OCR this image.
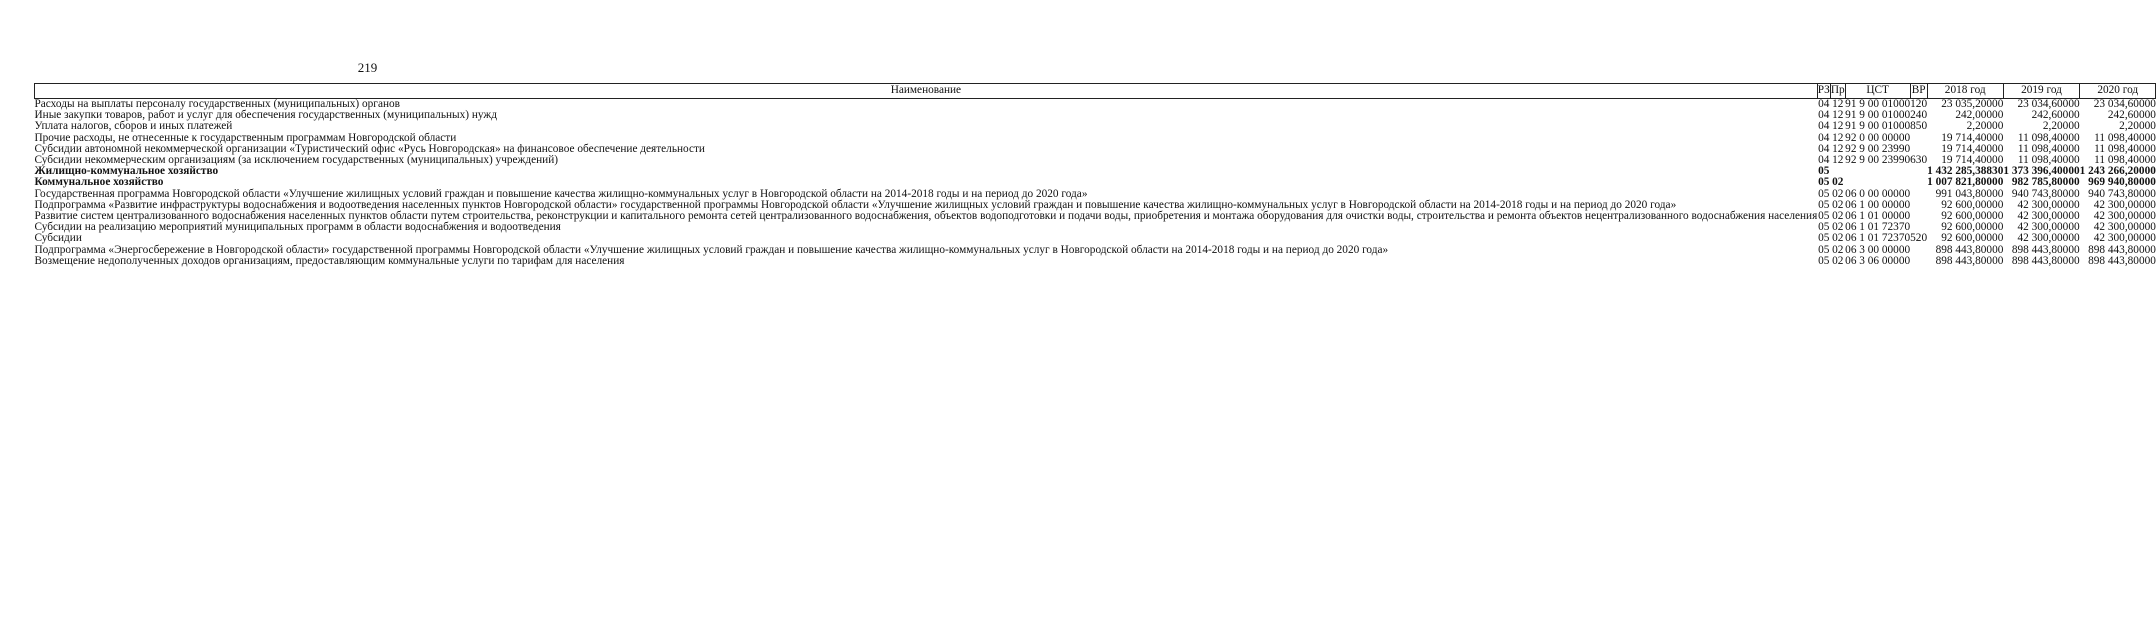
219
Наименование	РЗ	Пр	ЦСТ	ВР	2018 год	2019 год	2020 год
Расходы на выплаты персоналу государственных (муниципальных) органов	04	12	91 9 00 01000	120	23 035,20000	23 034,60000	23 034,60000
Иные закупки товаров, работ и услуг для обеспечения государственных (муниципальных) нужд	04	12	91 9 00 01000	240	242,00000	242,60000	242,60000
Уплата налогов, сборов и иных платежей	04	12	91 9 00 01000	850	2,20000	2,20000	2,20000
Прочие расходы, не отнесенные к государственным программам Новгородской области	04	12	92 0 00 00000		19 714,40000	11 098,40000	11 098,40000
Субсидии автономной некоммерческой организации «Туристический офис «Русь Новгородская» на финансовое обеспечение деятельности	04	12	92 9 00 23990		19 714,40000	11 098,40000	11 098,40000
Субсидии некоммерческим организациям (за исключением государственных (муниципальных) учреждений)	04	12	92 9 00 23990	630	19 714,40000	11 098,40000	11 098,40000
Жилищно-коммунальное хозяйство	05				1 432 285,38830	1 373 396,40000	1 243 266,20000
Коммунальное хозяйство	05	02			1 007 821,80000	982 785,80000	969 940,80000
Государственная программа Новгородской области «Улучшение жилищных условий граждан и повышение качества жилищно-коммунальных услуг в Новгородской области на 2014-2018 годы и на период до 2020 года»	05	02	06 0 00 00000		991 043,80000	940 743,80000	940 743,80000
Подпрограмма «Развитие инфраструктуры водоснабжения и водоотведения населенных пунктов Новгородской области» государственной программы Новгородской области «Улучшение жилищных условий граждан и повышение качества жилищно-коммунальных услуг в Новгородской области на 2014-2018 годы и на период до 2020 года»	05	02	06 1 00 00000		92 600,00000	42 300,00000	42 300,00000
Развитие систем централизованного водоснабжения населенных пунктов области путем строительства, реконструкции и капитального ремонта сетей централизованного водоснабжения, объектов водоподготовки и подачи воды, приобретения и монтажа оборудования для очистки воды, строительства и ремонта объектов нецентрализованного водоснабжения населения	05	02	06 1 01 00000		92 600,00000	42 300,00000	42 300,00000
Субсидии на реализацию мероприятий муниципальных программ в области водоснабжения и водоотведения	05	02	06 1 01 72370		92 600,00000	42 300,00000	42 300,00000
Субсидии	05	02	06 1 01 72370	520	92 600,00000	42 300,00000	42 300,00000
Подпрограмма «Энергосбережение в Новгородской области» государственной программы Новгородской области «Улучшение жилищных условий граждан и повышение качества жилищно-коммунальных услуг в Новгородской области на 2014-2018 годы и на период до 2020 года»	05	02	06 3 00 00000		898 443,80000	898 443,80000	898 443,80000
Возмещение недополученных доходов организациям, предоставляющим коммунальные услуги по тарифам для населения	05	02	06 3 06 00000		898 443,80000	898 443,80000	898 443,80000
